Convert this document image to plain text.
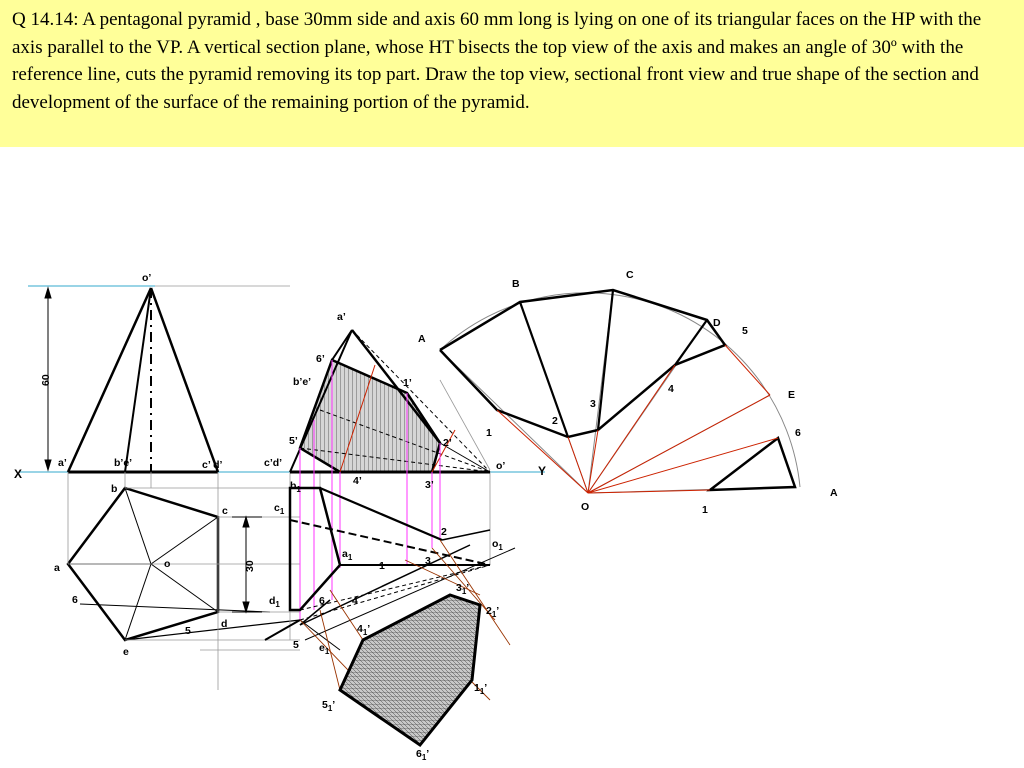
Q 14.14: A pentagonal pyramid , base 30mm side and axis 60 mm long is lying on one of its triangular faces on the HP with the axis parallel to the VP. A vertical section plane, whose HT bisects the top view of the axis and makes an angle of 30º with the reference line, cuts the pyramid removing its top part. Draw the top view, sectional front view and true shape of the section and development of the surface of the remaining portion of the pyramid.
X	Y
60
30
o’
a’	b’e’	c’ d’
a
b
c
d
e
o
5
6
a’
6’
b’e’	1’
5’	2’
c’d’
4’	3’
o’
$b_1$
$c_1$
$a_1$
$d_1$
$e_1$
$o_1$
2
3
1
4
6
5
$1_1$’
$2_1$’
$3_1$’
$4_1$’
$5_1$’
$6_1$’
A
B
C
D
E
A
O
1
2
3
4
5
6
1
